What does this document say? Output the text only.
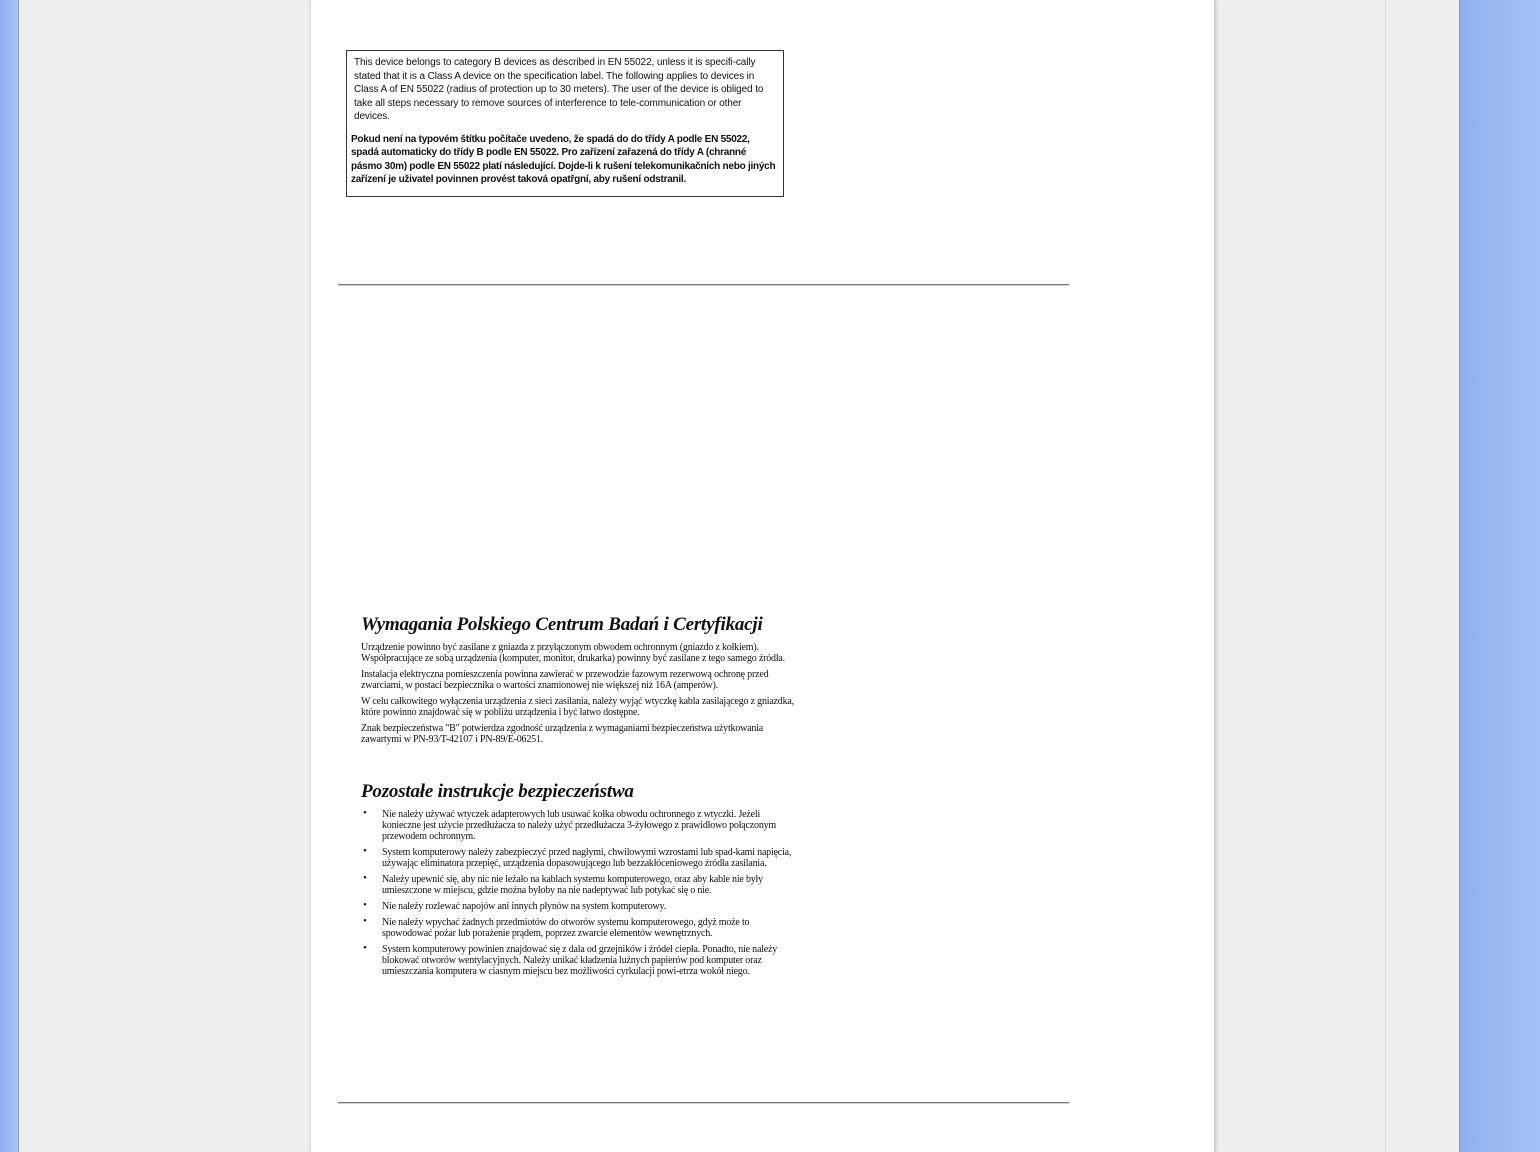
This device belongs to category B devices as described in EN 55022, unless it is specifi-cally stated that it is a Class A device on the specification label. The following applies to devices in Class A of EN 55022 (radius of protection up to 30 meters). The user of the device is obliged to take all steps necessary to remove sources of interference to tele-communication or other devices.

Pokud není na typovém štítku počítače uvedeno, že spadá do do třídy A podle EN 55022, spadá automaticky do třídy B podle EN 55022. Pro zařízení zařazená do třídy A (chranné pásmo 30m) podle EN 55022 platí následující. Dojde-li k rušení telekomunikačních nebo jiných zařízení je uživatel povinnen provést taková opatřgní, aby rušení odstranil.

Wymagania Polskiego Centrum Badań i Certyfikacji

Urządzenie powinno być zasilane z gniazda z przyłączonym obwodem ochronnym (gniazdo z kołkiem). Współpracujące ze sobą urządzenia (komputer, monitor, drukarka) powinny być zasilane z tego samego źródła.

Instalacja elektryczna pomieszczenia powinna zawierać w przewodzie fazowym rezerwową ochronę przed zwarciami, w postaci bezpiecznika o wartości znamionowej nie większej niż 16A (amperów).

W celu całkowitego wyłączenia urządzenia z sieci zasilania, należy wyjąć wtyczkę kabla zasilającego z gniazdka, które powinno znajdować się w pobliżu urządzenia i być łatwo dostępne.

Znak bezpieczeństwa "B" potwierdza zgodność urządzenia z wymaganiami bezpieczeństwa użytkowania zawartymi w PN-93/T-42107 i PN-89/E-06251.

Pozostałe instrukcje bezpieczeństwa
• Nie należy używać wtyczek adapterowych lub usuwać kołka obwodu ochronnego z wtyczki. Jeżeli konieczne jest użycie przedłużacza to należy użyć przedłużacza 3-żyłowego z prawidłowo połączonym przewodem ochronnym.
• System komputerowy należy zabezpieczyć przed nagłymi, chwilowymi wzrostami lub spad-kami napięcia, używając eliminatora przepięć, urządzenia dopasowującego lub bezzakłóceniowego źródła zasilania.
• Należy upewnić się, aby nic nie leżało na kablach systemu komputerowego, oraz aby kable nie były umieszczone w miejscu, gdzie można byłoby na nie nadeptywać lub potykać się o nie.
• Nie należy rozlewać napojów ani innych płynów na system komputerowy.
• Nie należy wpychać żadnych przedmiotów do otworów systemu komputerowego, gdyż może to spowodować pożar lub porażenie prądem, poprzez zwarcie elementów wewnętrznych.
• System komputerowy powinien znajdować się z dala od grzejników i źródeł ciepła. Ponadto, nie należy blokować otworów wentylacyjnych. Należy unikać kładzenia luźnych papierów pod komputer oraz umieszczania komputera w ciasnym miejscu bez możliwości cyrkulacji powi-etrza wokół niego.
